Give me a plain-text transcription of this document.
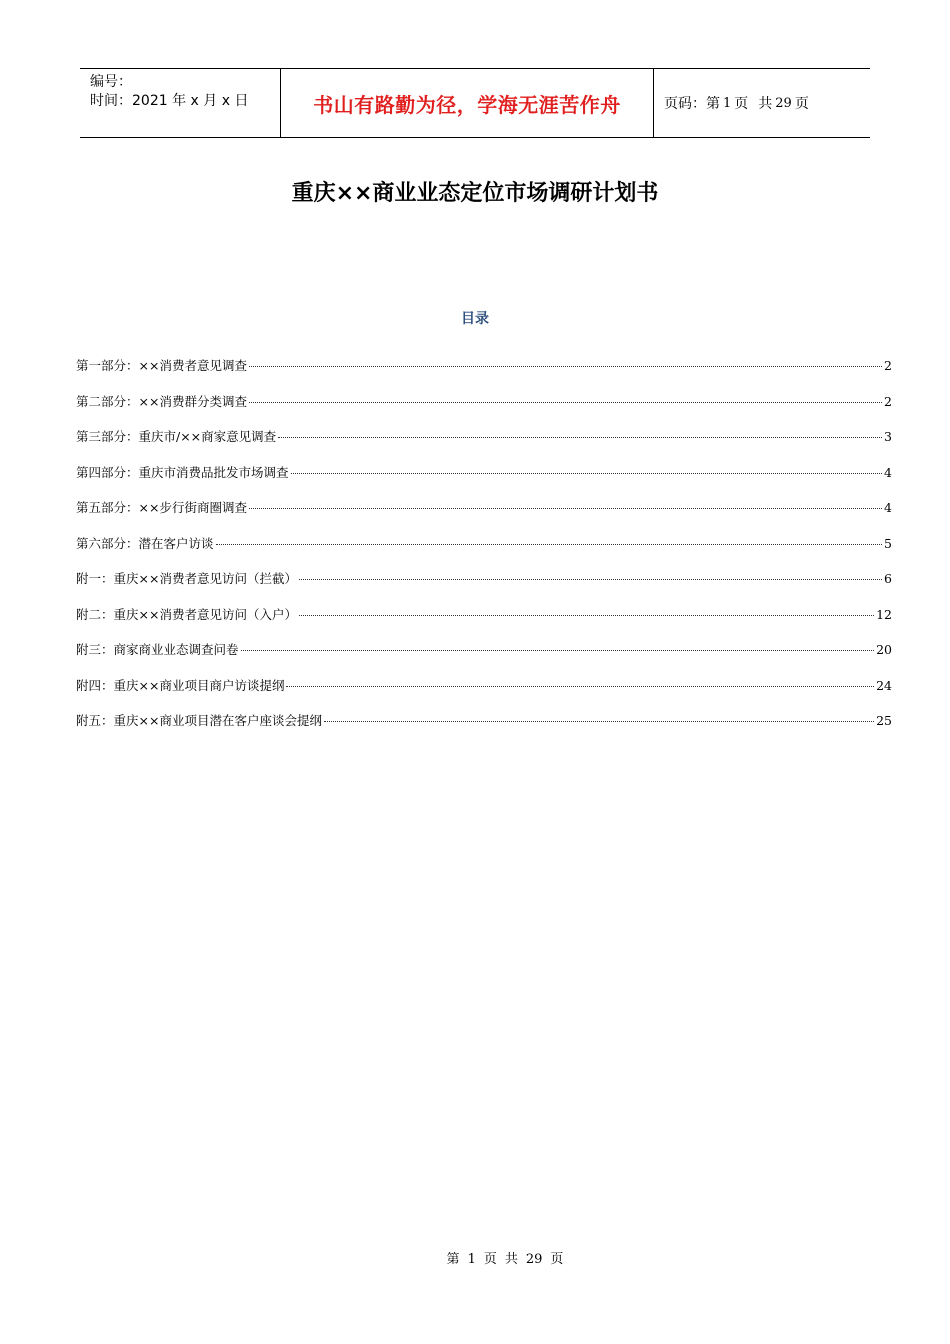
编号：
时间：2021 年 x 月 x 日	书山有路勤为径，学海无涯苦作舟	页码：第 1 页 共 29 页
重庆××商业业态定位市场调研计划书
目录
第一部分：××消费者意见调查	2
第二部分：××消费群分类调查	2
第三部分：重庆市/××商家意见调查	3
第四部分：重庆市消费品批发市场调查	4
第五部分：××步行街商圈调查	4
第六部分：潜在客户访谈	5
附一：重庆××消费者意见访问（拦截）	6
附二：重庆××消费者意见访问（入户）	12
附三：商家商业业态调查问卷	20
附四：重庆××商业项目商户访谈提纲	24
附五：重庆××商业项目潜在客户座谈会提纲	25
第 1 页 共 29 页
